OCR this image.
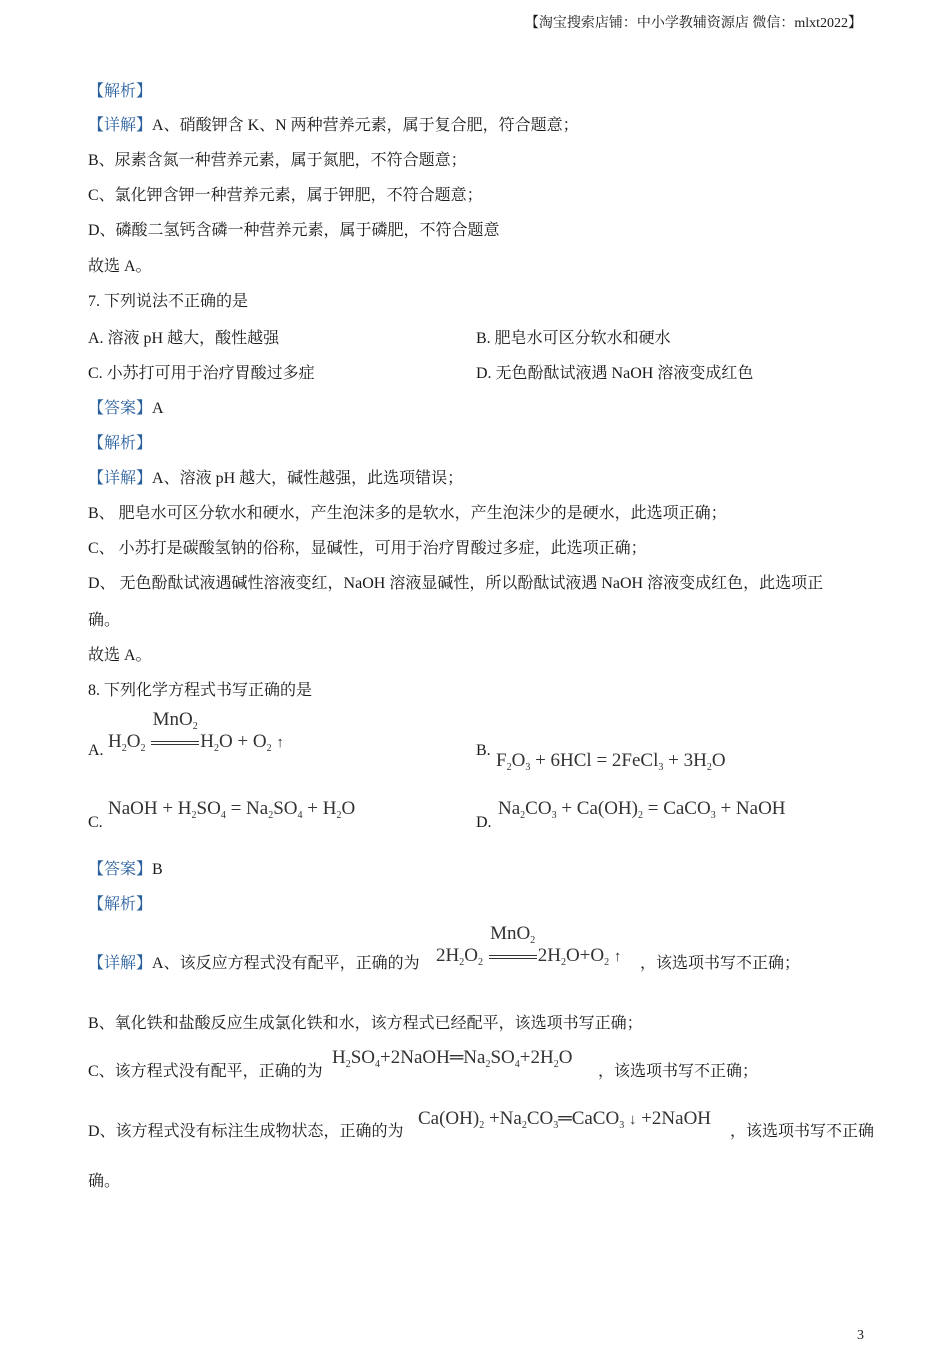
【淘宝搜索店铺：中小学教辅资源店 微信：mlxt2022】
3
【解析】
【详解】A、硝酸钾含 K、N 两种营养元素，属于复合肥，符合题意；
B、尿素含氮一种营养元素，属于氮肥，不符合题意；
C、氯化钾含钾一种营养元素，属于钾肥，不符合题意；
D、磷酸二氢钙含磷一种营养元素，属于磷肥，不符合题意
故选 A。
7. 下列说法不正确的是
A. 溶液 pH 越大，酸性越强	B. 肥皂水可区分软水和硬水
C. 小苏打可用于治疗胃酸过多症	D. 无色酚酞试液遇 NaOH 溶液变成红色
【答案】A
【解析】
【详解】A、溶液 pH 越大，碱性越强，此选项错误；
B、 肥皂水可区分软水和硬水，产生泡沫多的是软水，产生泡沫少的是硬水，此选项正确；
C、 小苏打是碳酸氢钠的俗称，显碱性，可用于治疗胃酸过多症，此选项正确；
D、 无色酚酞试液遇碱性溶液变红，NaOH 溶液显碱性，所以酚酞试液遇 NaOH 溶液变成红色，此选项正
确。
故选 A。
8. 下列化学方程式书写正确的是
A. $H_2O_2$
MnO$_2$
$H_2O + O_2$ ↑	B. $F_2O_3 + 6HCl$ = 2FeCl$_3$ + $3H_2O$
C.
NaOH + $H_2SO_4 = Na_2SO_4 + H_2O$
D.
$Na_2CO_3 + Ca(OH)_2$ = CaCO$_3$ + NaOH
【答案】B
【解析】
【详解】A、该反应方程式没有配平，正确的为 $2H_2O_2$
MnO$_2$
$2H_2O+O_2$ ↑ ，该选项书写不正确；
B、氧化铁和盐酸反应生成氯化铁和水，该方程式已经配平，该选项书写正确；
C、该方程式没有配平，正确的为
$H_2SO_4+2NaOH═Na_2SO_4+2H_2O$
，该选项书写不正确；
D、该方程式没有标注生成物状态，正确的为
$Ca(OH)_2$ $+Na_2CO_3═CaCO_3$ ↓ +2NaOH
，该选项书写不正确
确。
